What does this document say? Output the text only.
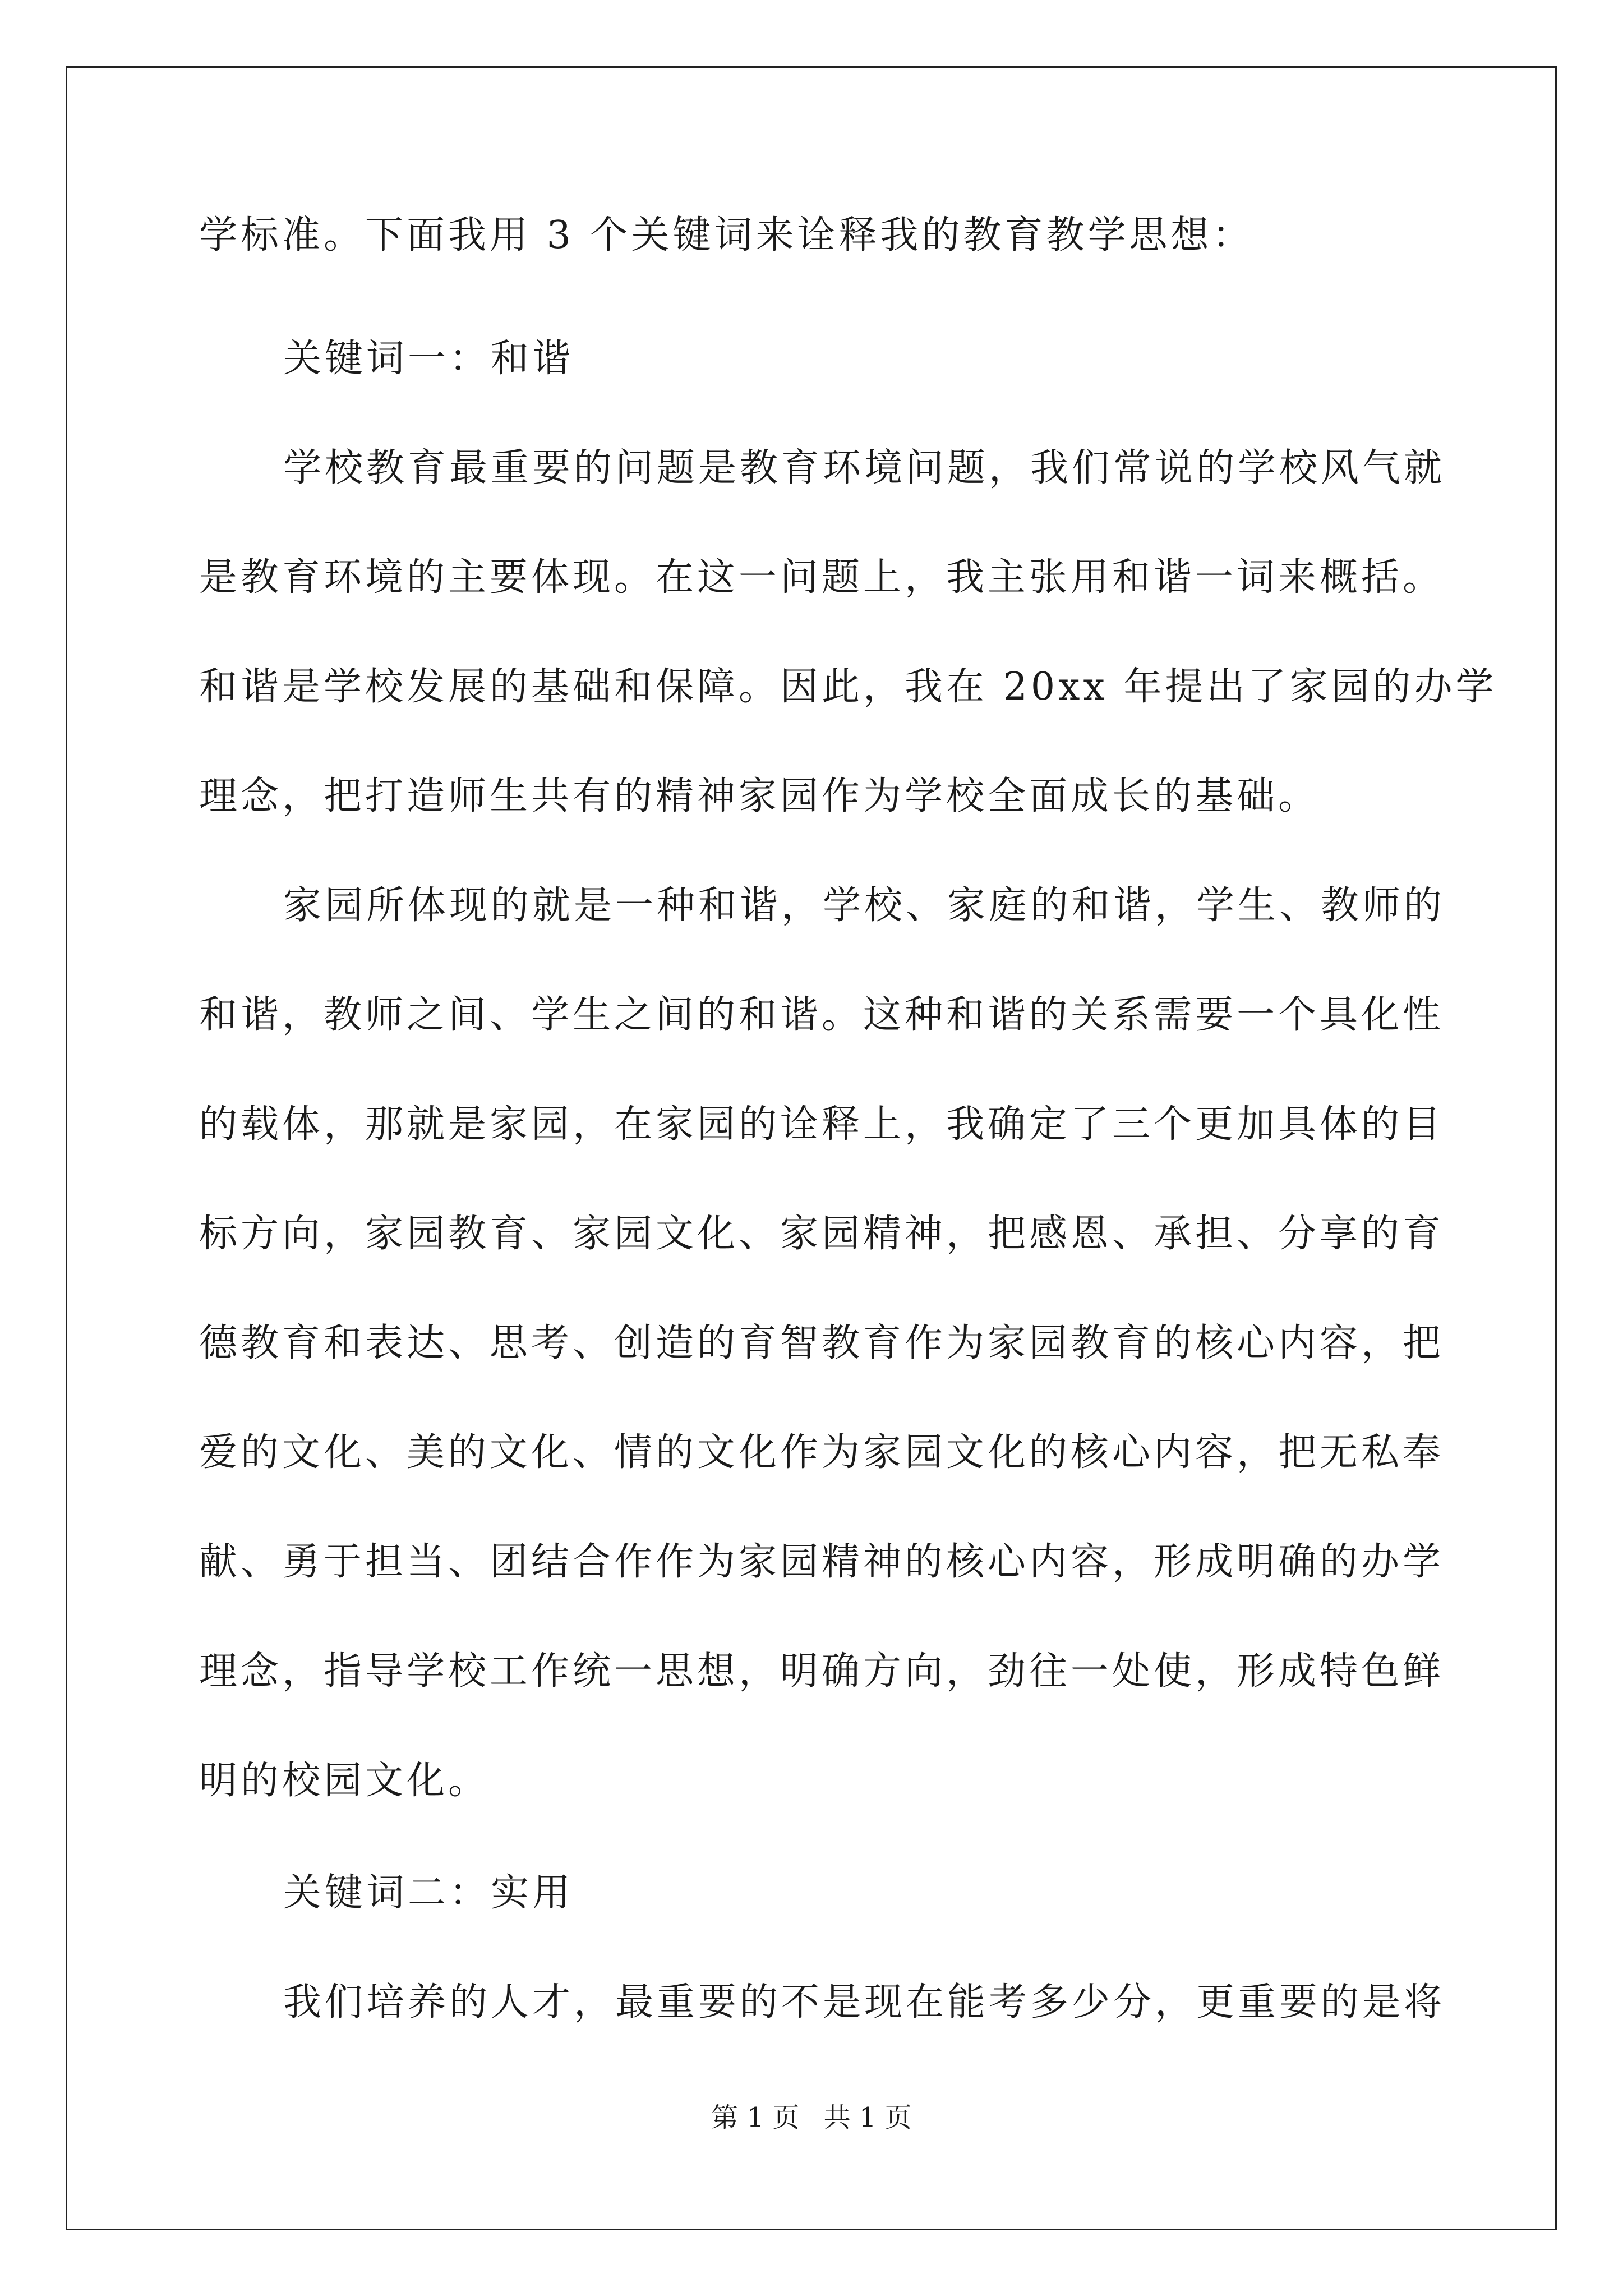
学标准。下面我用 3 个关键词来诠释我的教育教学思想：
关键词一：和谐
学校教育最重要的问题是教育环境问题，我们常说的学校风气就
是教育环境的主要体现。在这一问题上，我主张用和谐一词来概括。
和谐是学校发展的基础和保障。因此，我在 20xx 年提出了家园的办学
理念，把打造师生共有的精神家园作为学校全面成长的基础。
家园所体现的就是一种和谐，学校、家庭的和谐，学生、教师的
和谐，教师之间、学生之间的和谐。这种和谐的关系需要一个具化性
的载体，那就是家园，在家园的诠释上，我确定了三个更加具体的目
标方向，家园教育、家园文化、家园精神，把感恩、承担、分享的育
德教育和表达、思考、创造的育智教育作为家园教育的核心内容，把
爱的文化、美的文化、情的文化作为家园文化的核心内容，把无私奉
献、勇于担当、团结合作作为家园精神的核心内容，形成明确的办学
理念，指导学校工作统一思想，明确方向，劲往一处使，形成特色鲜
明的校园文化。
关键词二：实用
我们培养的人才，最重要的不是现在能考多少分，更重要的是将
第 1 页 共 1 页
